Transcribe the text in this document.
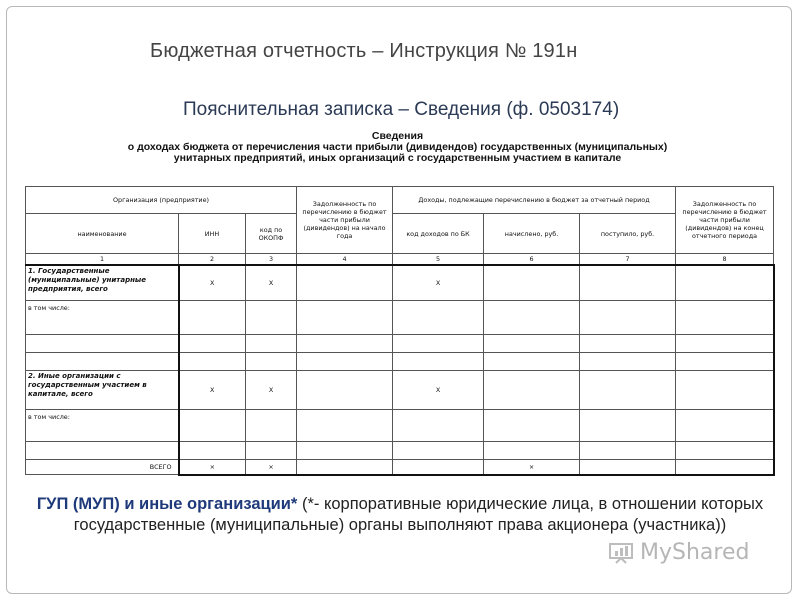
Бюджетная отчетность – Инструкция № 191н
Пояснительная записка – Сведения (ф. 0503174)
Сведения
о доходах бюджета от перечисления части прибыли (дивидендов) государственных (муниципальных)
унитарных предприятий, иных организаций с государственным участием в капитале
Организация (предприятие)			Задолженность по перечислению в бюджет части прибыли (дивидендов) на начало года	Доходы, подлежащие перечислению в бюджет за отчетный период			Задолженность по перечислению в бюджет части прибыли (дивидендов) на конец отчетного периода
наименование	ИНН	код по ОКОПФ		код доходов по БК	начислено, руб.	поступило, руб.	
1	2	3	4	5	6	7	8
1. Государственные (муниципальные) унитарные предприятия, всего	Х	Х		Х			
в том числе:							

2. Иные организации с государственным участием в капитале, всего	Х	Х		Х			
в том числе:							

ВСЕГО	×	×			×		
ГУП (МУП) и иные организации* (*- корпоративные юридические лица, в отношении которых государственные (муниципальные) органы выполняют права акционера (участника))
MyShared
